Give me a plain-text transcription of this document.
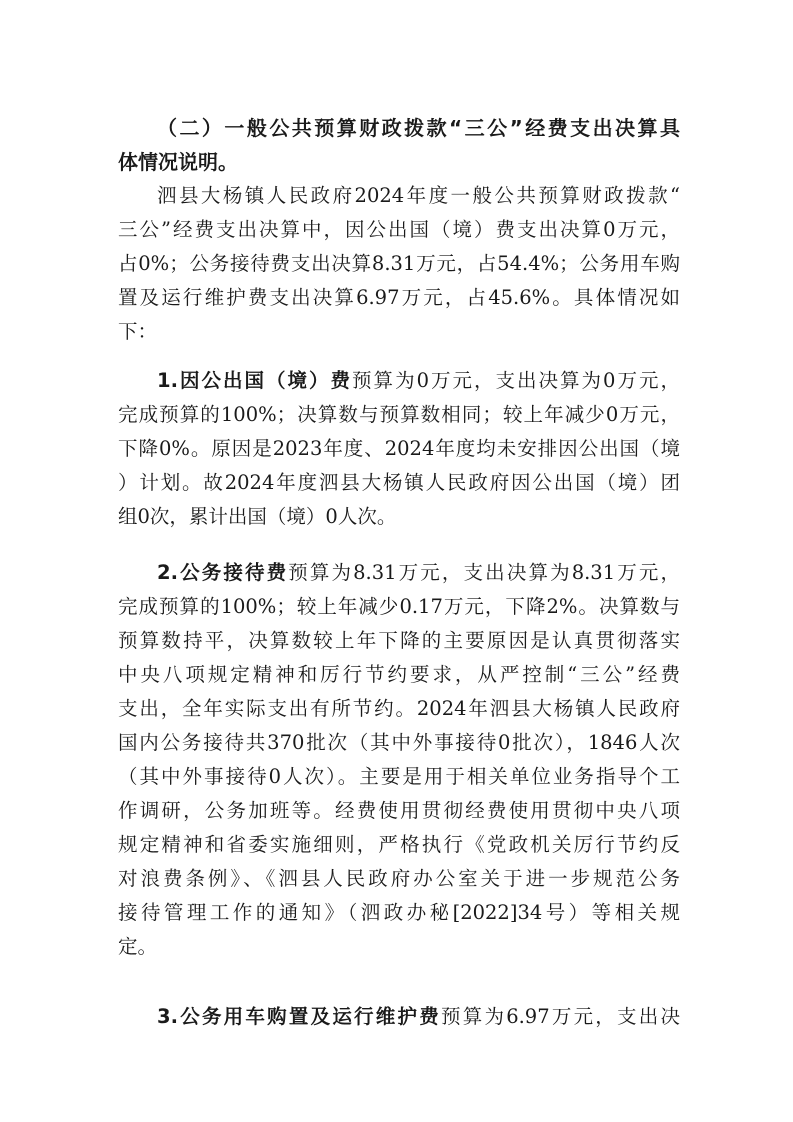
（二）一般公共预算财政拨款“三公”经费支出决算具
体情况说明。
泗县大杨镇人民政府2024年度一般公共预算财政拨款“
三公”经费支出决算中，因公出国（境）费支出决算0万元，
占0%；公务接待费支出决算8.31万元，占54.4%；公务用车购
置及运行维护费支出决算6.97万元，占45.6%。具体情况如
下：
1.因公出国（境）费预算为0万元，支出决算为0万元，
完成预算的100%；决算数与预算数相同；较上年减少0万元，
下降0%。原因是2023年度、2024年度均未安排因公出国（境
）计划。故2024年度泗县大杨镇人民政府因公出国（境）团
组0次，累计出国（境）0人次。
2.公务接待费预算为8.31万元，支出决算为8.31万元，
完成预算的100%；较上年减少0.17万元，下降2%。决算数与
预算数持平，决算数较上年下降的主要原因是认真贯彻落实
中央八项规定精神和厉行节约要求，从严控制“三公”经费
支出，全年实际支出有所节约。2024年泗县大杨镇人民政府
国内公务接待共370批次（其中外事接待0批次），1846人次
（其中外事接待0人次）。主要是用于相关单位业务指导个工
作调研，公务加班等。经费使用贯彻经费使用贯彻中央八项
规定精神和省委实施细则，严格执行《党政机关厉行节约反
对浪费条例》、《泗县人民政府办公室关于进一步规范公务
接待管理工作的通知》（泗政办秘[2022]34号）等相关规
定。
3.公务用车购置及运行维护费预算为6.97万元，支出决
